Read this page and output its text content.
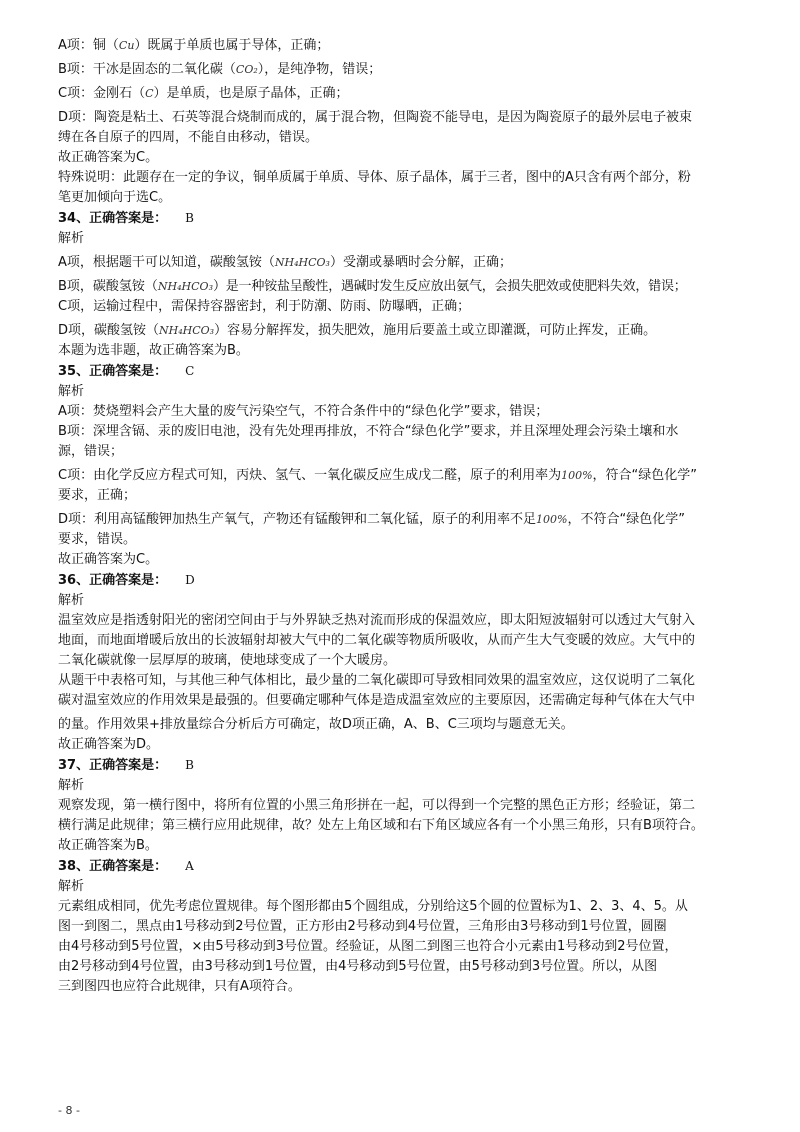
A项：铜（Cu）既属于单质也属于导体，正确；

B项：干冰是固态的二氧化碳（CO₂），是纯净物，错误；

C项：金刚石（C）是单质，也是原子晶体，正确；

D项：陶瓷是粘土、石英等混合烧制而成的，属于混合物，但陶瓷不能导电，是因为陶瓷原子的最外层电子被束

缚在各自原子的四周，不能自由移动，错误。

故正确答案为C。

特殊说明：此题存在一定的争议，铜单质属于单质、导体、原子晶体，属于三者，图中的A只含有两个部分，粉

笔更加倾向于选C。

34、正确答案是： B

解析

A项，根据题干可以知道，碳酸氢铵（NH₄HCO₃）受潮或暴晒时会分解，正确；

B项，碳酸氢铵（NH₄HCO₃）是一种铵盐呈酸性，遇碱时发生反应放出氨气，会损失肥效或使肥料失效，错误；

C项，运输过程中，需保持容器密封，利于防潮、防雨、防曝晒，正确；

D项，碳酸氢铵（NH₄HCO₃）容易分解挥发，损失肥效，施用后要盖土或立即灌溉，可防止挥发，正确。

本题为选非题，故正确答案为B。

35、正确答案是： C

解析

A项：焚烧塑料会产生大量的废气污染空气，不符合条件中的“绿色化学”要求，错误；

B项：深埋含镉、汞的废旧电池，没有先处理再排放，不符合“绿色化学”要求，并且深埋处理会污染土壤和水

源，错误；

C项：由化学反应方程式可知，丙炔、氢气、一氧化碳反应生成戊二醛，原子的利用率为100%，符合“绿色化学”

要求，正确；

D项：利用高锰酸钾加热生产氧气，产物还有锰酸钾和二氧化锰，原子的利用率不足100%，不符合“绿色化学”

要求，错误。

故正确答案为C。

36、正确答案是： D

解析

温室效应是指透射阳光的密闭空间由于与外界缺乏热对流而形成的保温效应，即太阳短波辐射可以透过大气射入

地面，而地面增暖后放出的长波辐射却被大气中的二氧化碳等物质所吸收，从而产生大气变暖的效应。大气中的

二氧化碳就像一层厚厚的玻璃，使地球变成了一个大暖房。

从题干中表格可知，与其他三种气体相比，最少量的二氧化碳即可导致相同效果的温室效应，这仅说明了二氧化

碳对温室效应的作用效果是最强的。但要确定哪种气体是造成温室效应的主要原因，还需确定每种气体在大气中

的量。作用效果+排放量综合分析后方可确定，故D项正确，A、B、C三项均与题意无关。

故正确答案为D。

37、正确答案是： B

解析

观察发现，第一横行图中，将所有位置的小黑三角形拼在一起，可以得到一个完整的黑色正方形；经验证，第二

横行满足此规律；第三横行应用此规律，故？处左上角区域和右下角区域应各有一个小黑三角形，只有B项符合。

故正确答案为B。

38、正确答案是： A

解析

元素组成相同，优先考虑位置规律。每个图形都由5个圆组成，分别给这5个圆的位置标为1、2、3、4、5。从

图一到图二，黑点由1号移动到2号位置，正方形由2号移动到4号位置，三角形由3号移动到1号位置，圆圈

由4号移动到5号位置，×由5号移动到3号位置。经验证，从图二到图三也符合小元素由1号移动到2号位置，

由2号移动到4号位置，由3号移动到1号位置，由4号移动到5号位置，由5号移动到3号位置。所以，从图

三到图四也应符合此规律，只有A项符合。

- 8 -
